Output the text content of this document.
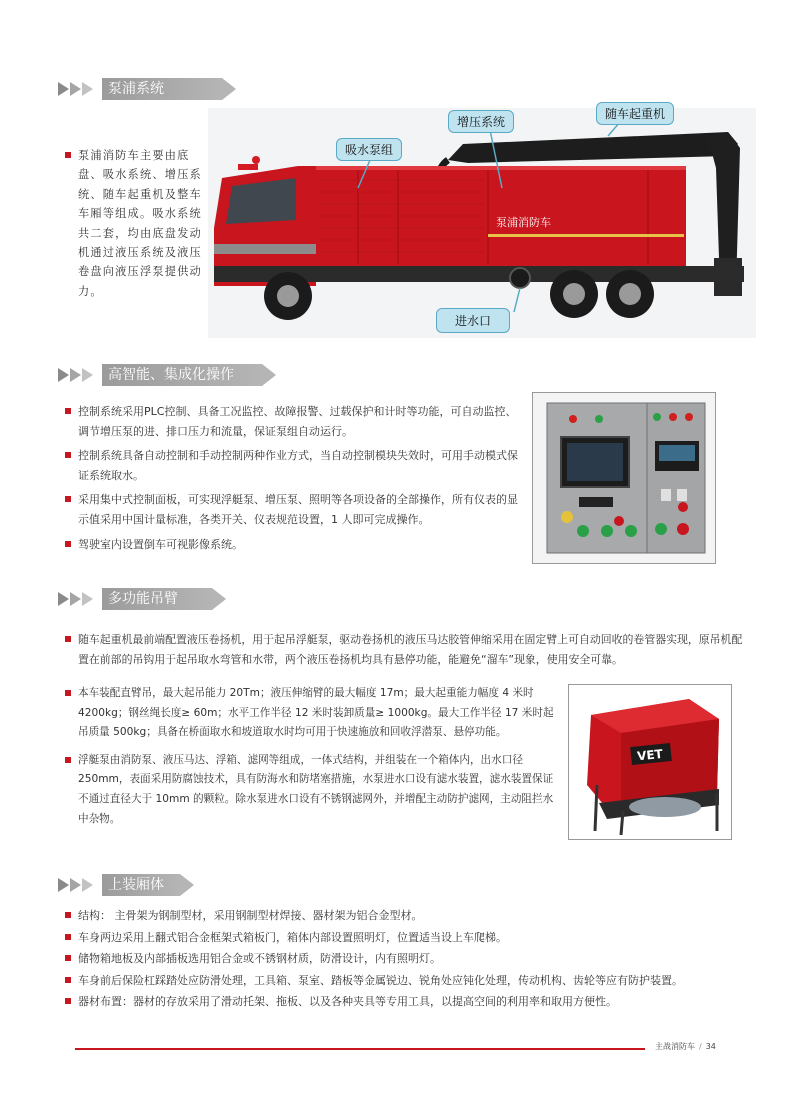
泵浦系统
泵浦消防车主要由底盘、吸水系统、增压系统、随车起重机及整车车厢等组成。吸水系统共二套，均由底盘发动机通过液压系统及液压卷盘向液压浮泵提供动力。
泵浦消防车
吸水泵组
增压系统
随车起重机
进水口
高智能、集成化操作
控制系统采用PLC控制、具备工况监控、故障报警、过载保护和计时等功能，可自动监控、调节增压泵的进、排口压力和流量，保证泵组自动运行。
控制系统具备自动控制和手动控制两种作业方式，当自动控制模块失效时，可用手动模式保证系统取水。
采用集中式控制面板，可实现浮艇泵、增压泵、照明等各项设备的全部操作，所有仪表的显示值采用中国计量标准，各类开关、仪表规范设置，1 人即可完成操作。
驾驶室内设置倒车可视影像系统。
多功能吊臂
随车起重机最前端配置液压卷扬机，用于起吊浮艇泵，驱动卷扬机的液压马达胶管伸缩采用在固定臂上可自动回收的卷管器实现，原吊机配置在前部的吊钩用于起吊取水弯管和水带，两个液压卷扬机均具有悬停功能，能避免“溜车”现象，使用安全可靠。
本车装配直臂吊，最大起吊能力 20Tm；液压伸缩臂的最大幅度 17m；最大起重能力幅度 4 米时4200kg；钢丝绳长度≥ 60m；水平工作半径 12 米时装卸质量≥ 1000kg。最大工作半径 17 米时起吊质量 500kg；具备在桥面取水和坡道取水时均可用于快速施放和回收浮潜泵、悬停功能。
浮艇泵由消防泵、液压马达、浮箱、滤网等组成，一体式结构，并组装在一个箱体内，出水口径 250mm，表面采用防腐蚀技术，具有防海水和防堵塞措施，水泵进水口设有滤水装置，滤水装置保证不通过直径大于 10mm 的颗粒。除水泵进水口设有不锈钢滤网外，并增配主动防护滤网，主动阻拦水中杂物。
VET
上装厢体
结构： 主骨架为钢制型材，采用钢制型材焊接、器材架为铝合金型材。
车身两边采用上翻式铝合金框架式箱板门，箱体内部设置照明灯，位置适当设上车爬梯。
储物箱地板及内部插板选用铝合金或不锈钢材质，防滑设计，内有照明灯。
车身前后保险杠踩踏处应防滑处理，工具箱、泵室、踏板等金属锐边、锐角处应钝化处理，传动机构、齿轮等应有防护装置。
器材布置：器材的存放采用了滑动托架、拖板、以及各种夹具等专用工具，以提高空间的利用率和取用方便性。
主战消防车 / 34
